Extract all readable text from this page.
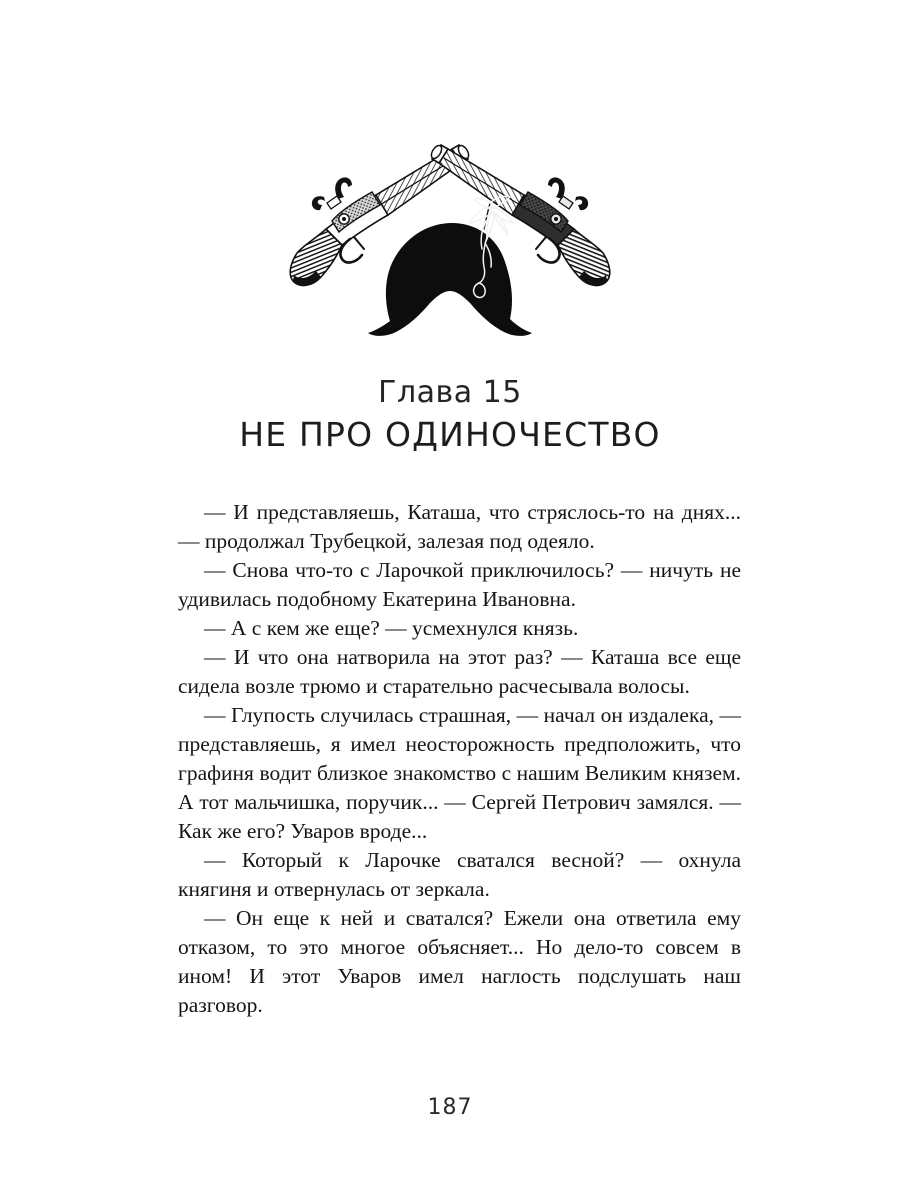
Глава 15
НЕ ПРО ОДИНОЧЕСТВО

— И представляешь, Каташа, что стряслось-то на днях... — продолжал Трубецкой, залезая под одеяло.

— Снова что-то с Ларочкой приключилось? — ничуть не удивилась подобному Екатерина Ивановна.

— А с кем же еще? — усмехнулся князь.

— И что она натворила на этот раз? — Каташа все еще сидела возле трюмо и старательно расчесывала волосы.

— Глупость случилась страшная, — начал он издалека, — представляешь, я имел неосторожность предположить, что графиня водит близкое знакомство с нашим Великим князем. А тот мальчишка, поручик... — Сергей Петрович замялся. — Как же его? Уваров вроде...

— Который к Ларочке сватался весной? — охнула княгиня и отвернулась от зеркала.

— Он еще к ней и сватался? Ежели она ответила ему отказом, то это многое объясняет... Но дело-то совсем в ином! И этот Уваров имел наглость подслушать наш разговор.

187
